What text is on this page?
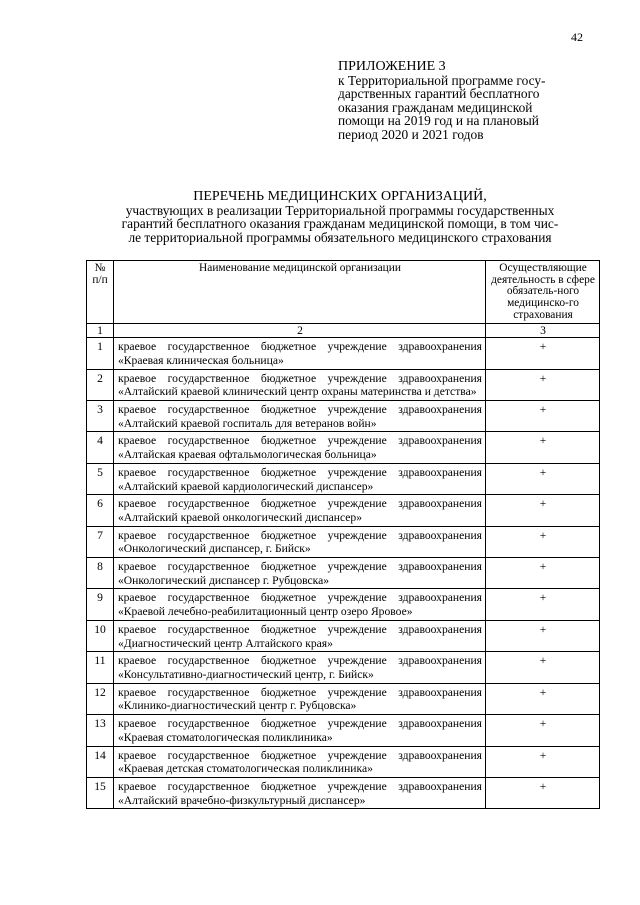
42
ПРИЛОЖЕНИЕ 3
к Территориальной программе госу-
дарственных гарантий бесплатного
оказания гражданам медицинской
помощи на 2019 год и на плановый
период 2020 и 2021 годов
ПЕРЕЧЕНЬ МЕДИЦИНСКИХ ОРГАНИЗАЦИЙ,
участвующих в реализации Территориальной программы государственных
гарантий бесплатного оказания гражданам медицинской помощи, в том чис-
ле территориальной программы обязательного медицинского страхования
№ п/п	Наименование медицинской организации	Осуществляющие деятельность в сфере обязатель-ного медицинско-го страхования
1	2	3
1	краевое государственное бюджетное учреждение здравоохранения «Краевая клиническая больница»	+
2	краевое государственное бюджетное учреждение здравоохранения «Алтайский краевой клинический центр охраны материнства и детства»	+
3	краевое государственное бюджетное учреждение здравоохранения «Алтайский краевой госпиталь для ветеранов войн»	+
4	краевое государственное бюджетное учреждение здравоохранения «Алтайская краевая офтальмологическая больница»	+
5	краевое государственное бюджетное учреждение здравоохранения «Алтайский краевой кардиологический диспансер»	+
6	краевое государственное бюджетное учреждение здравоохранения «Алтайский краевой онкологический диспансер»	+
7	краевое государственное бюджетное учреждение здравоохранения «Онкологический диспансер, г. Бийск»	+
8	краевое государственное бюджетное учреждение здравоохранения «Онкологический диспансер г. Рубцовска»	+
9	краевое государственное бюджетное учреждение здравоохранения «Краевой лечебно-реабилитационный центр озеро Яровое»	+
10	краевое государственное бюджетное учреждение здравоохранения «Диагностический центр Алтайского края»	+
11	краевое государственное бюджетное учреждение здравоохранения «Консультативно-диагностический центр, г. Бийск»	+
12	краевое государственное бюджетное учреждение здравоохранения «Клинико-диагностический центр г. Рубцовска»	+
13	краевое государственное бюджетное учреждение здравоохранения «Краевая стоматологическая поликлиника»	+
14	краевое государственное бюджетное учреждение здравоохранения «Краевая детская стоматологическая поликлиника»	+
15	краевое государственное бюджетное учреждение здравоохранения «Алтайский врачебно-физкультурный диспансер»	+
